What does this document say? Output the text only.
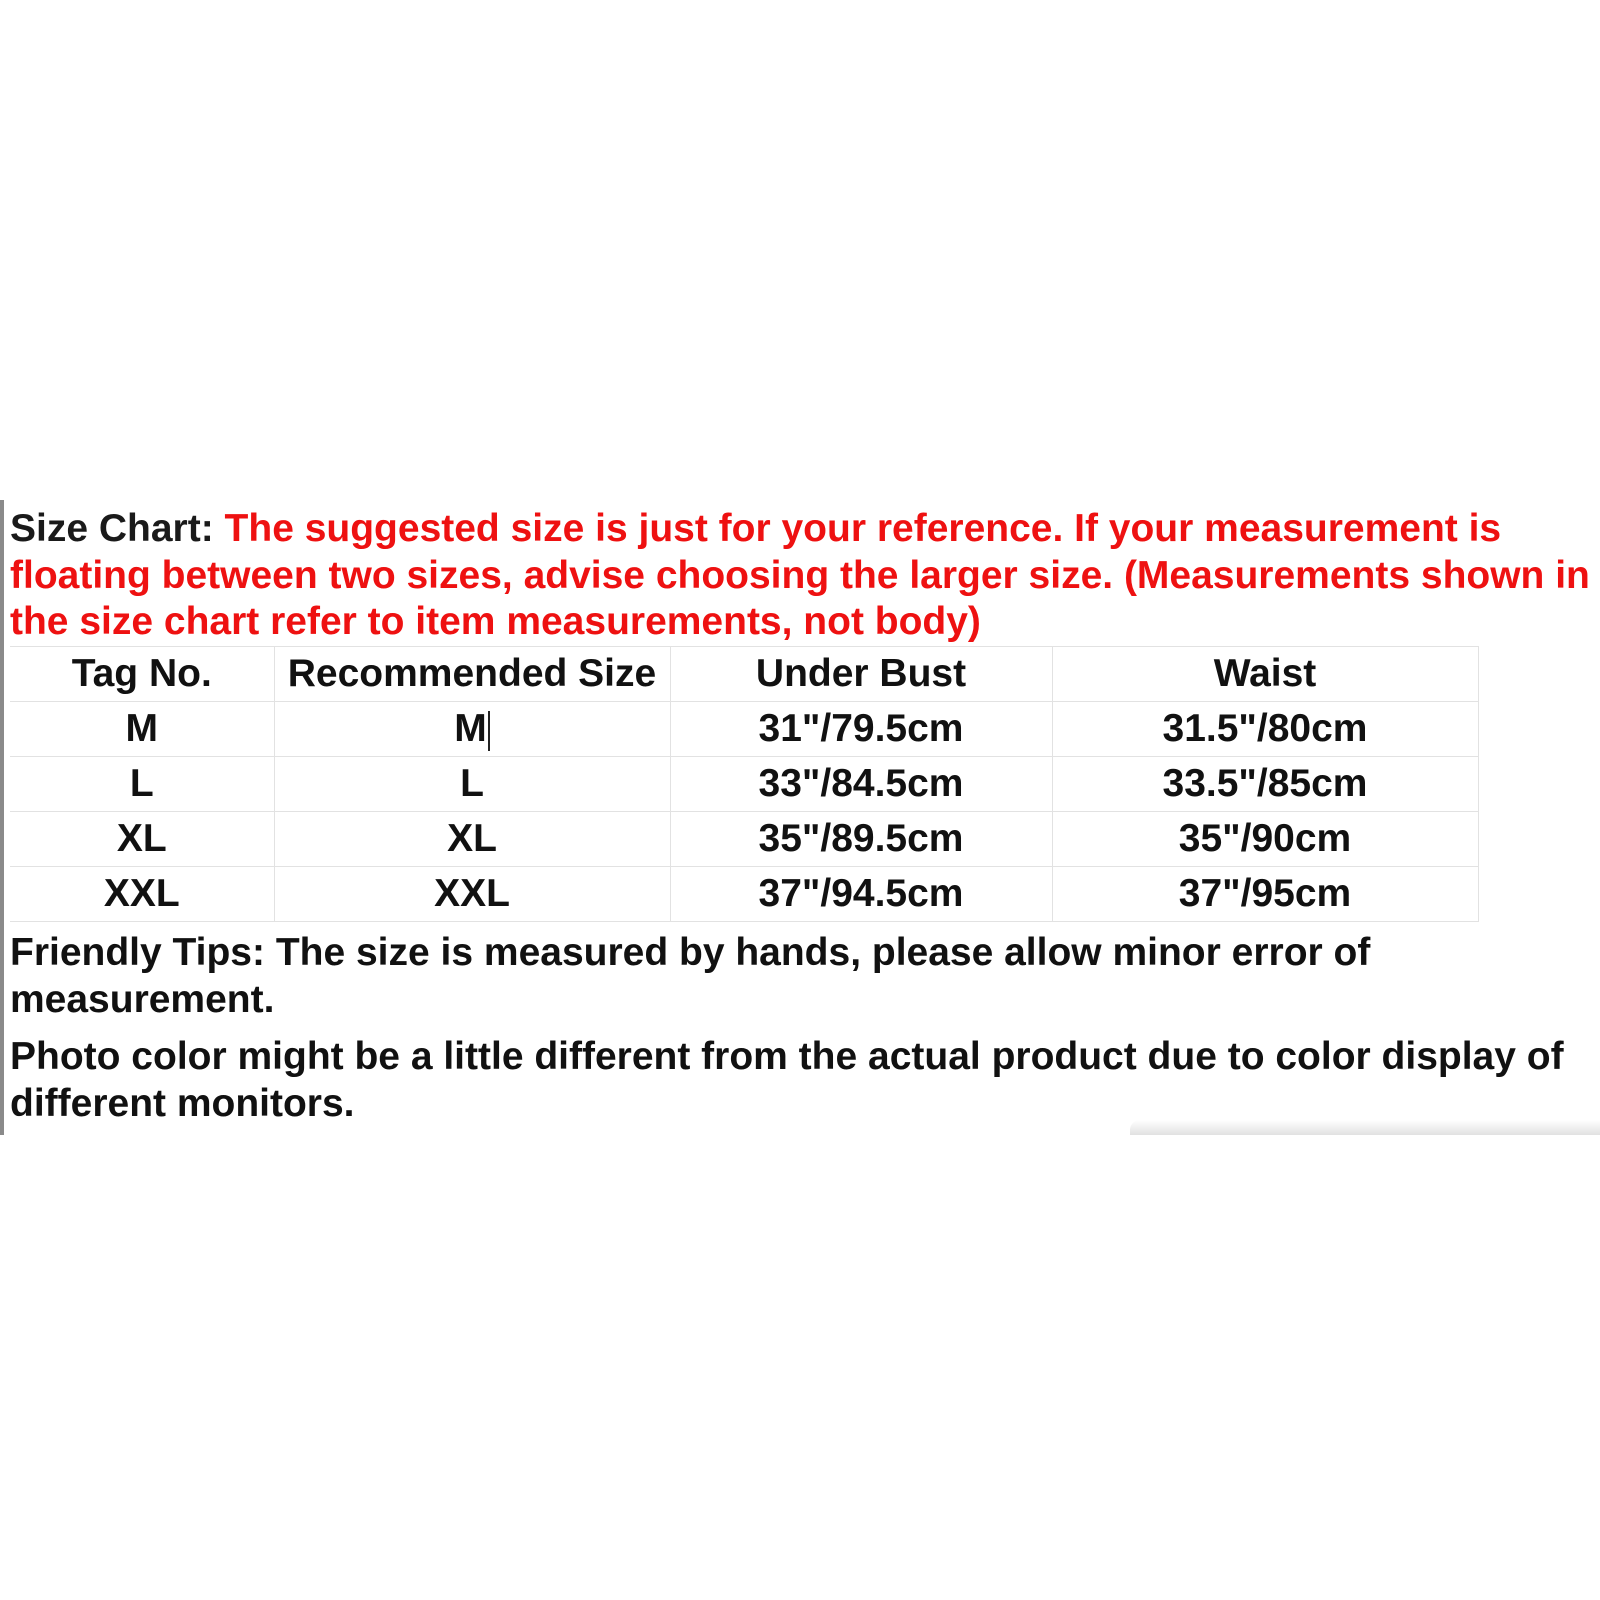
Size Chart: The suggested size is just for your reference. If your measurement is floating between two sizes, advise choosing the larger size. (Measurements shown in the size chart refer to item measurements, not body)

Tag No.	Recommended Size	Under Bust	Waist
M	M	31"/79.5cm	31.5"/80cm
L	L	33"/84.5cm	33.5"/85cm
XL	XL	35"/89.5cm	35"/90cm
XXL	XXL	37"/94.5cm	37"/95cm

Friendly Tips: The size is measured by hands, please allow minor error of measurement.

Photo color might be a little different from the actual product due to color display of different monitors.
